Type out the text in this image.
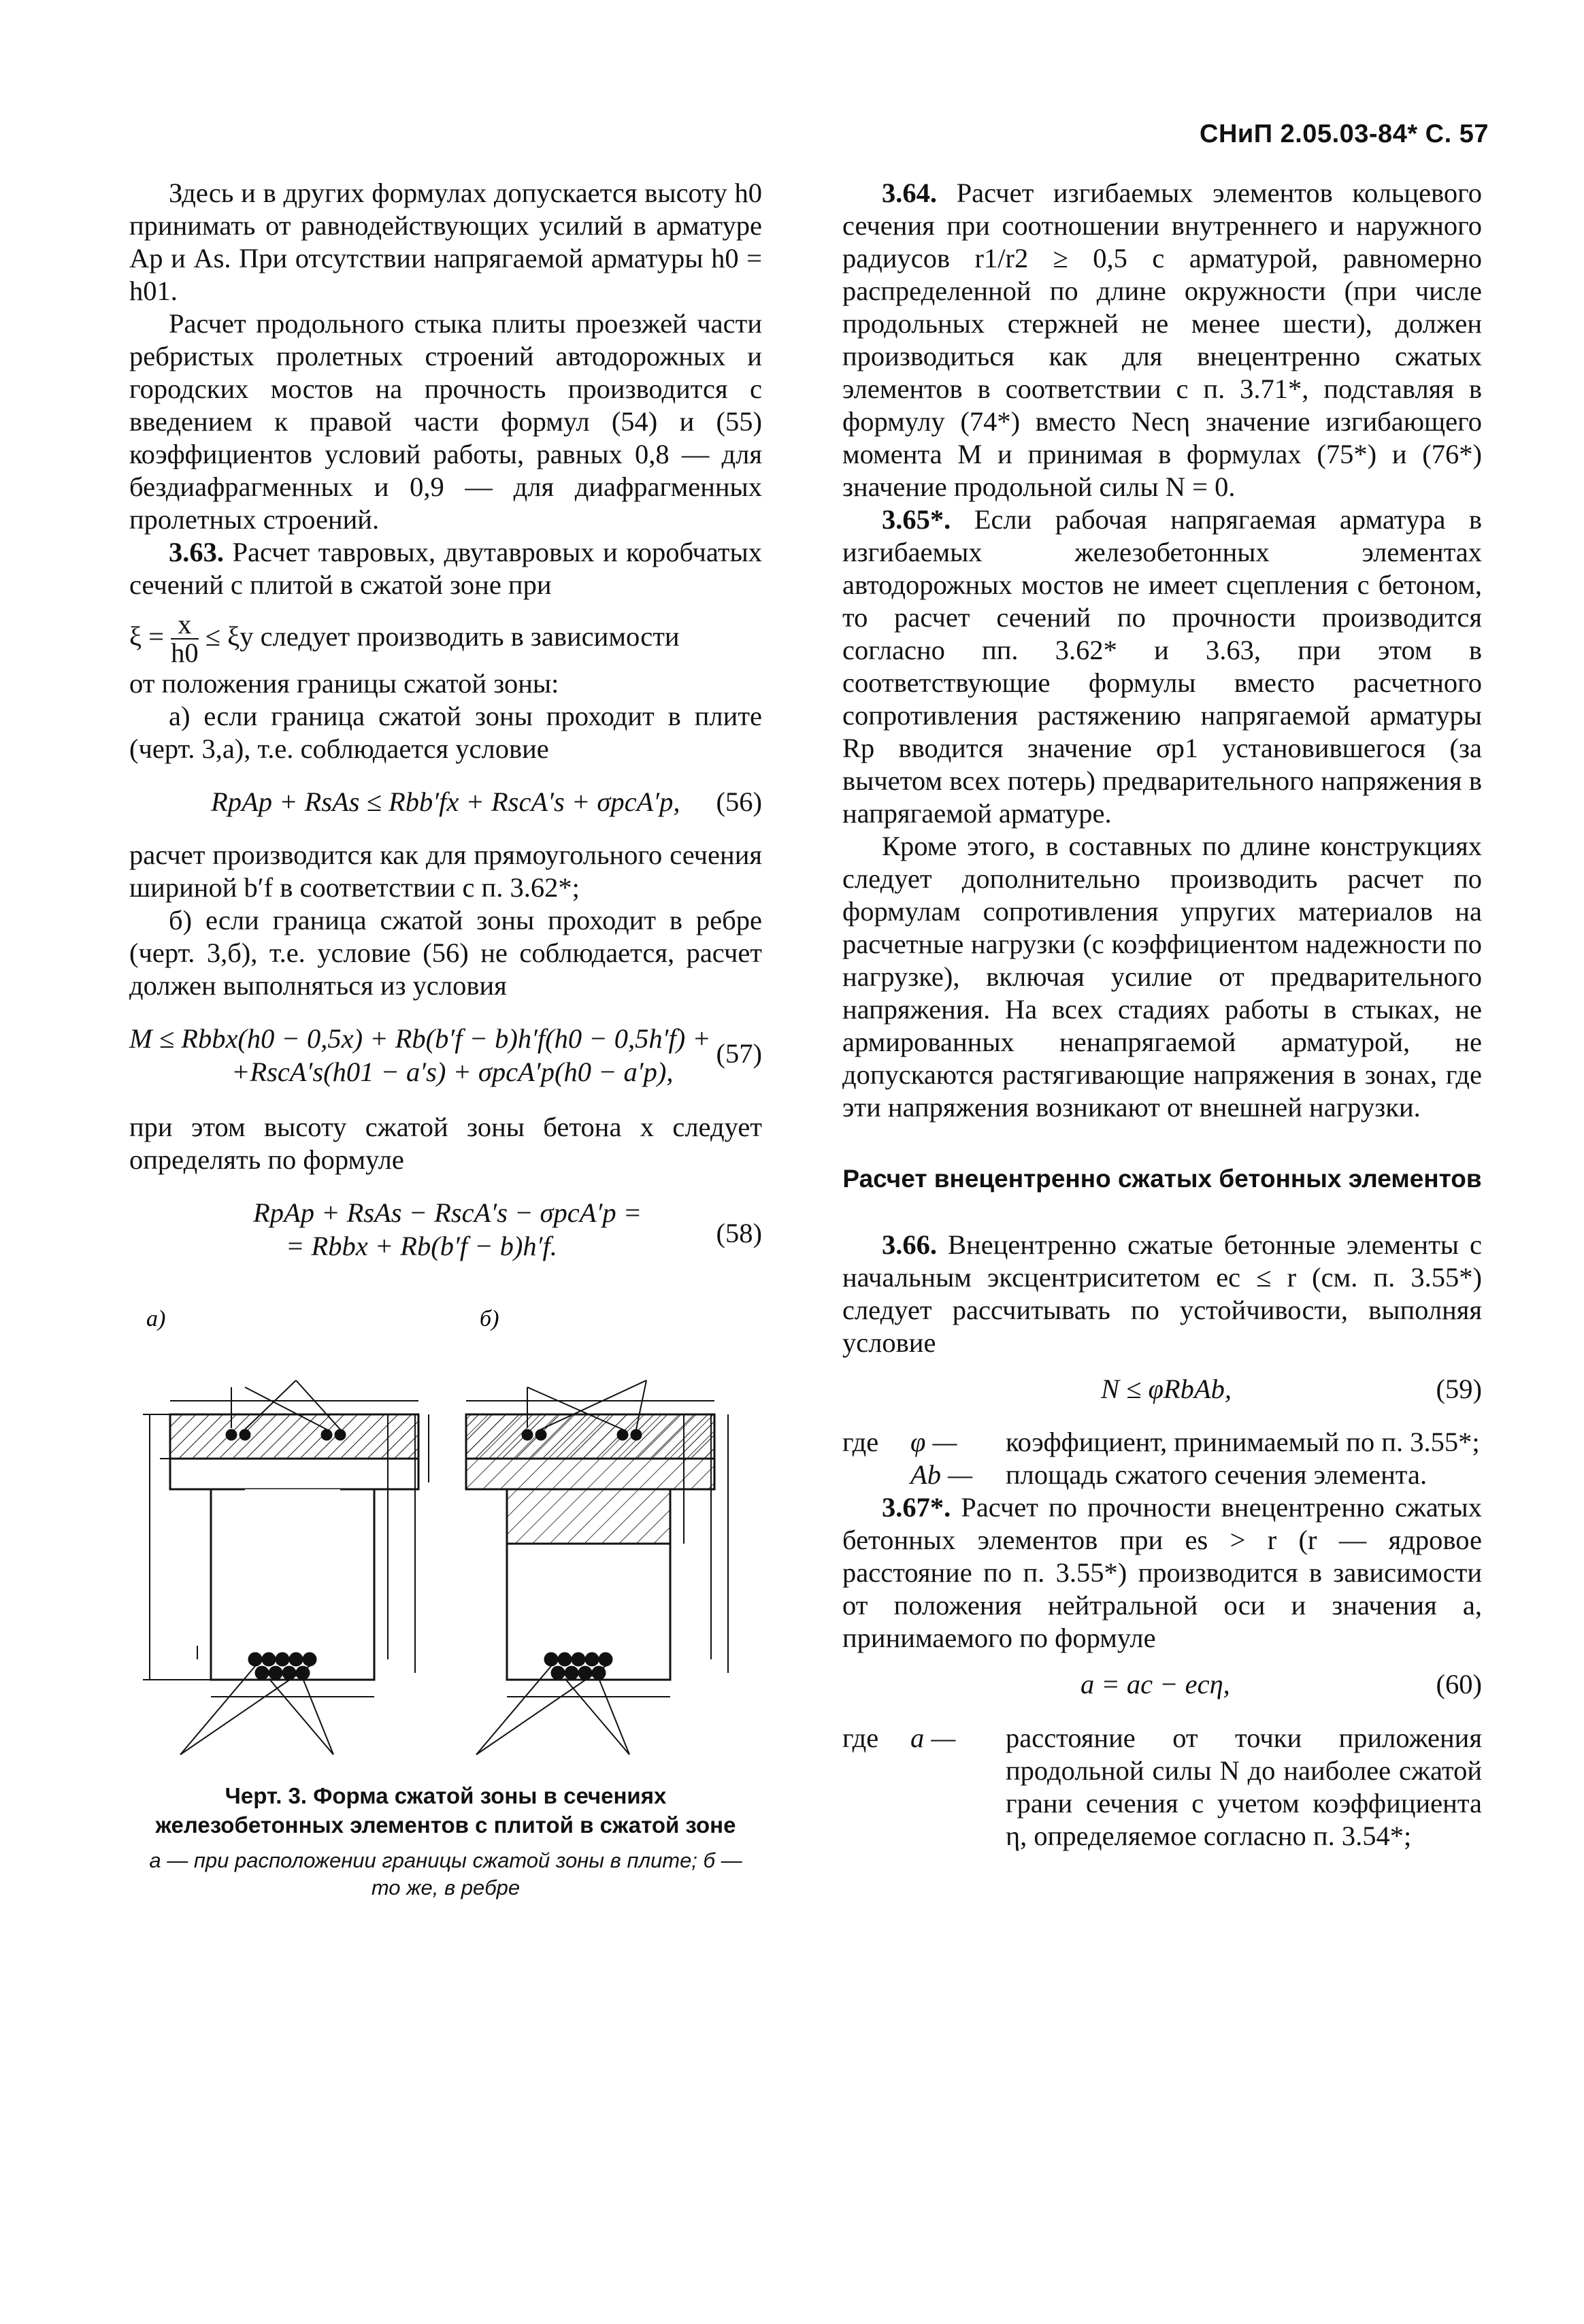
СНиП 2.05.03-84* С. 57

Здесь и в других формулах допускается высоту h0 принимать от равнодействующих усилий в арматуре Ap и As. При отсутствии напрягаемой арматуры h0 = h01.

Расчет продольного стыка плиты проезжей части ребристых пролетных строений автодорожных и городских мостов на прочность производится с введением к правой части формул (54) и (55) коэффициентов условий работы, равных 0,8 — для бездиафрагменных и 0,9 — для диафрагменных пролетных строений.

3.63. Расчет тавровых, двутавровых и коробчатых сечений с плитой в сжатой зоне при

$\xi = \frac{x}{h0} \le \xi y$ следует производить в зависимости

от положения границы сжатой зоны:

а) если граница сжатой зоны проходит в плите (черт. 3,а), т.е. соблюдается условие

RpAp + RsAs ≤ Rbb′fx + RscA′s + σpcA′p, (56)

расчет производится как для прямоугольного сечения шириной b′f в соответствии с п. 3.62*;

б) если граница сжатой зоны проходит в ребре (черт. 3,б), т.е. условие (56) не соблюдается, расчет должен выполняться из условия

M ≤ Rbbx(h0 − 0,5x) + Rb(b′f − b)h′f(h0 − 0,5h′f) +
+RscA′s(h01 − a′s) + σpcA′p(h0 − a′p),
(57)

при этом высоту сжатой зоны бетона x следует определять по формуле

RpAp + RsAs − RscA′s − σpcA′p =
= Rbbx + Rb(b′f − b)h′f.	(58)
а)	б)
Черт. 3. Форма сжатой зоны в сечениях железобетонных элементов с плитой в сжатой зоне
а — при расположении границы сжатой зоны в плите; б — то же, в ребре

3.64. Расчет изгибаемых элементов кольцевого сечения при соотношении внутреннего и наружного радиусов r1/r2 ≥ 0,5 с арматурой, равномерно распределенной по длине окружности (при числе продольных стержней не менее шести), должен производиться как для внецентренно сжатых элементов в соответствии с п. 3.71*, подставляя в формулу (74*) вместо Necη значение изгибающего момента M и принимая в формулах (75*) и (76*) значение продольной силы N = 0.

3.65*. Если рабочая напрягаемая арматура в изгибаемых железобетонных элементах автодорожных мостов не имеет сцепления с бетоном, то расчет сечений по прочности производится согласно пп. 3.62* и 3.63, при этом в соответствующие формулы вместо расчетного сопротивления растяжению напрягаемой арматуры Rp вводится значение σp1 установившегося (за вычетом всех потерь) предварительного напряжения в напрягаемой арматуре.

Кроме этого, в составных по длине конструкциях следует дополнительно производить расчет по формулам сопротивления упругих материалов на расчетные нагрузки (с коэффициентом надежности по нагрузке), включая усилие от предварительного напряжения. На всех стадиях работы в стыках, не армированных ненапрягаемой арматурой, не допускаются растягивающие напряжения в зонах, где эти напряжения возникают от внешней нагрузки.

Расчет внецентренно сжатых бетонных элементов

3.66. Внецентренно сжатые бетонные элементы с начальным эксцентриситетом ec ≤ r (см. п. 3.55*) следует рассчитывать по устойчивости, выполняя условие

N ≤ φRbAb,	(59)
где φ — коэффициент, принимаемый по п. 3.55*;
Ab — площадь сжатого сечения элемента.

3.67*. Расчет по прочности внецентренно сжатых бетонных элементов при es > r (r — ядровое расстояние по п. 3.55*) производится в зависимости от положения нейтральной оси и значения a, принимаемого по формуле

a = ac − ecη,	(60)
где a — расстояние от точки приложения продольной силы N до наиболее сжатой грани сечения с учетом коэффициента η, определяемое согласно п. 3.54*;
